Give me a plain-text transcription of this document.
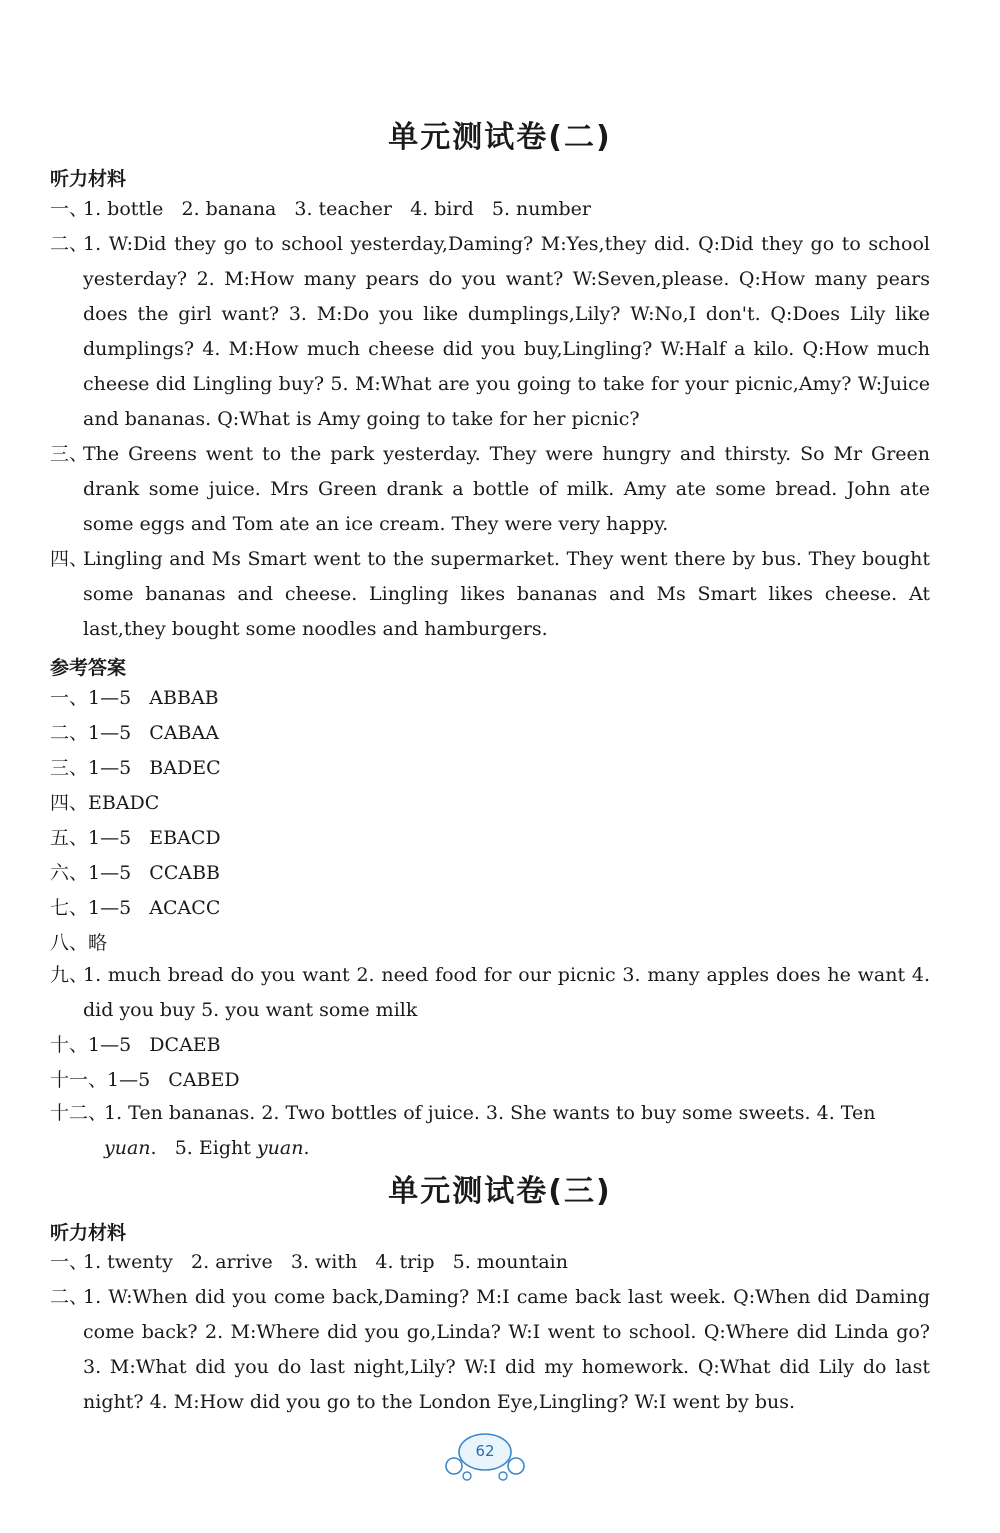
单元测试卷(二)
听力材料
一、
1. bottle   2. banana   3. teacher   4. bird   5. number
二、
1. W:Did they go to school yesterday,Daming? M:Yes,they did. Q:Did they go to school yesterday? 2. M:How many pears do you want? W:Seven,please. Q:How many pears does the girl want? 3. M:Do you like dumplings,Lily? W:No,I don't. Q:Does Lily like dumplings? 4. M:How much cheese did you buy,Lingling? W:Half a kilo. Q:How much cheese did Lingling buy? 5. M:What are you going to take for your picnic,Amy? W:Juice and bananas. Q:What is Amy going to take for her picnic?
三、
The Greens went to the park yesterday. They were hungry and thirsty. So Mr Green drank some juice. Mrs Green drank a bottle of milk. Amy ate some bread. John ate some eggs and Tom ate an ice cream. They were very happy.
四、
Lingling and Ms Smart went to the supermarket. They went there by bus. They bought some bananas and cheese. Lingling likes bananas and Ms Smart likes cheese. At last,they bought some noodles and hamburgers.
参考答案
一、1—5   ABBAB
二、1—5   CABAA
三、1—5   BADEC
四、EBADC
五、1—5   EBACD
六、1—5   CCABB
七、1—5   ACACC
八、略
九、
1. much bread do you want 2. need food for our picnic 3. many apples does he want 4. did you buy 5. you want some milk
十、1—5   DCAEB
十一、1—5   CABED
十二、
1. Ten bananas. 2. Two bottles of juice. 3. She wants to buy some sweets. 4. Ten
yuan.   5. Eight yuan.
单元测试卷(三)
听力材料
一、
1. twenty   2. arrive   3. with   4. trip   5. mountain
二、
1. W:When did you come back,Daming? M:I came back last week. Q:When did Daming come back? 2. M:Where did you go,Linda? W:I went to school. Q:Where did Linda go? 3. M:What did you do last night,Lily? W:I did my homework. Q:What did Lily do last night? 4. M:How did you go to the London Eye,Lingling? W:I went by bus.
62
